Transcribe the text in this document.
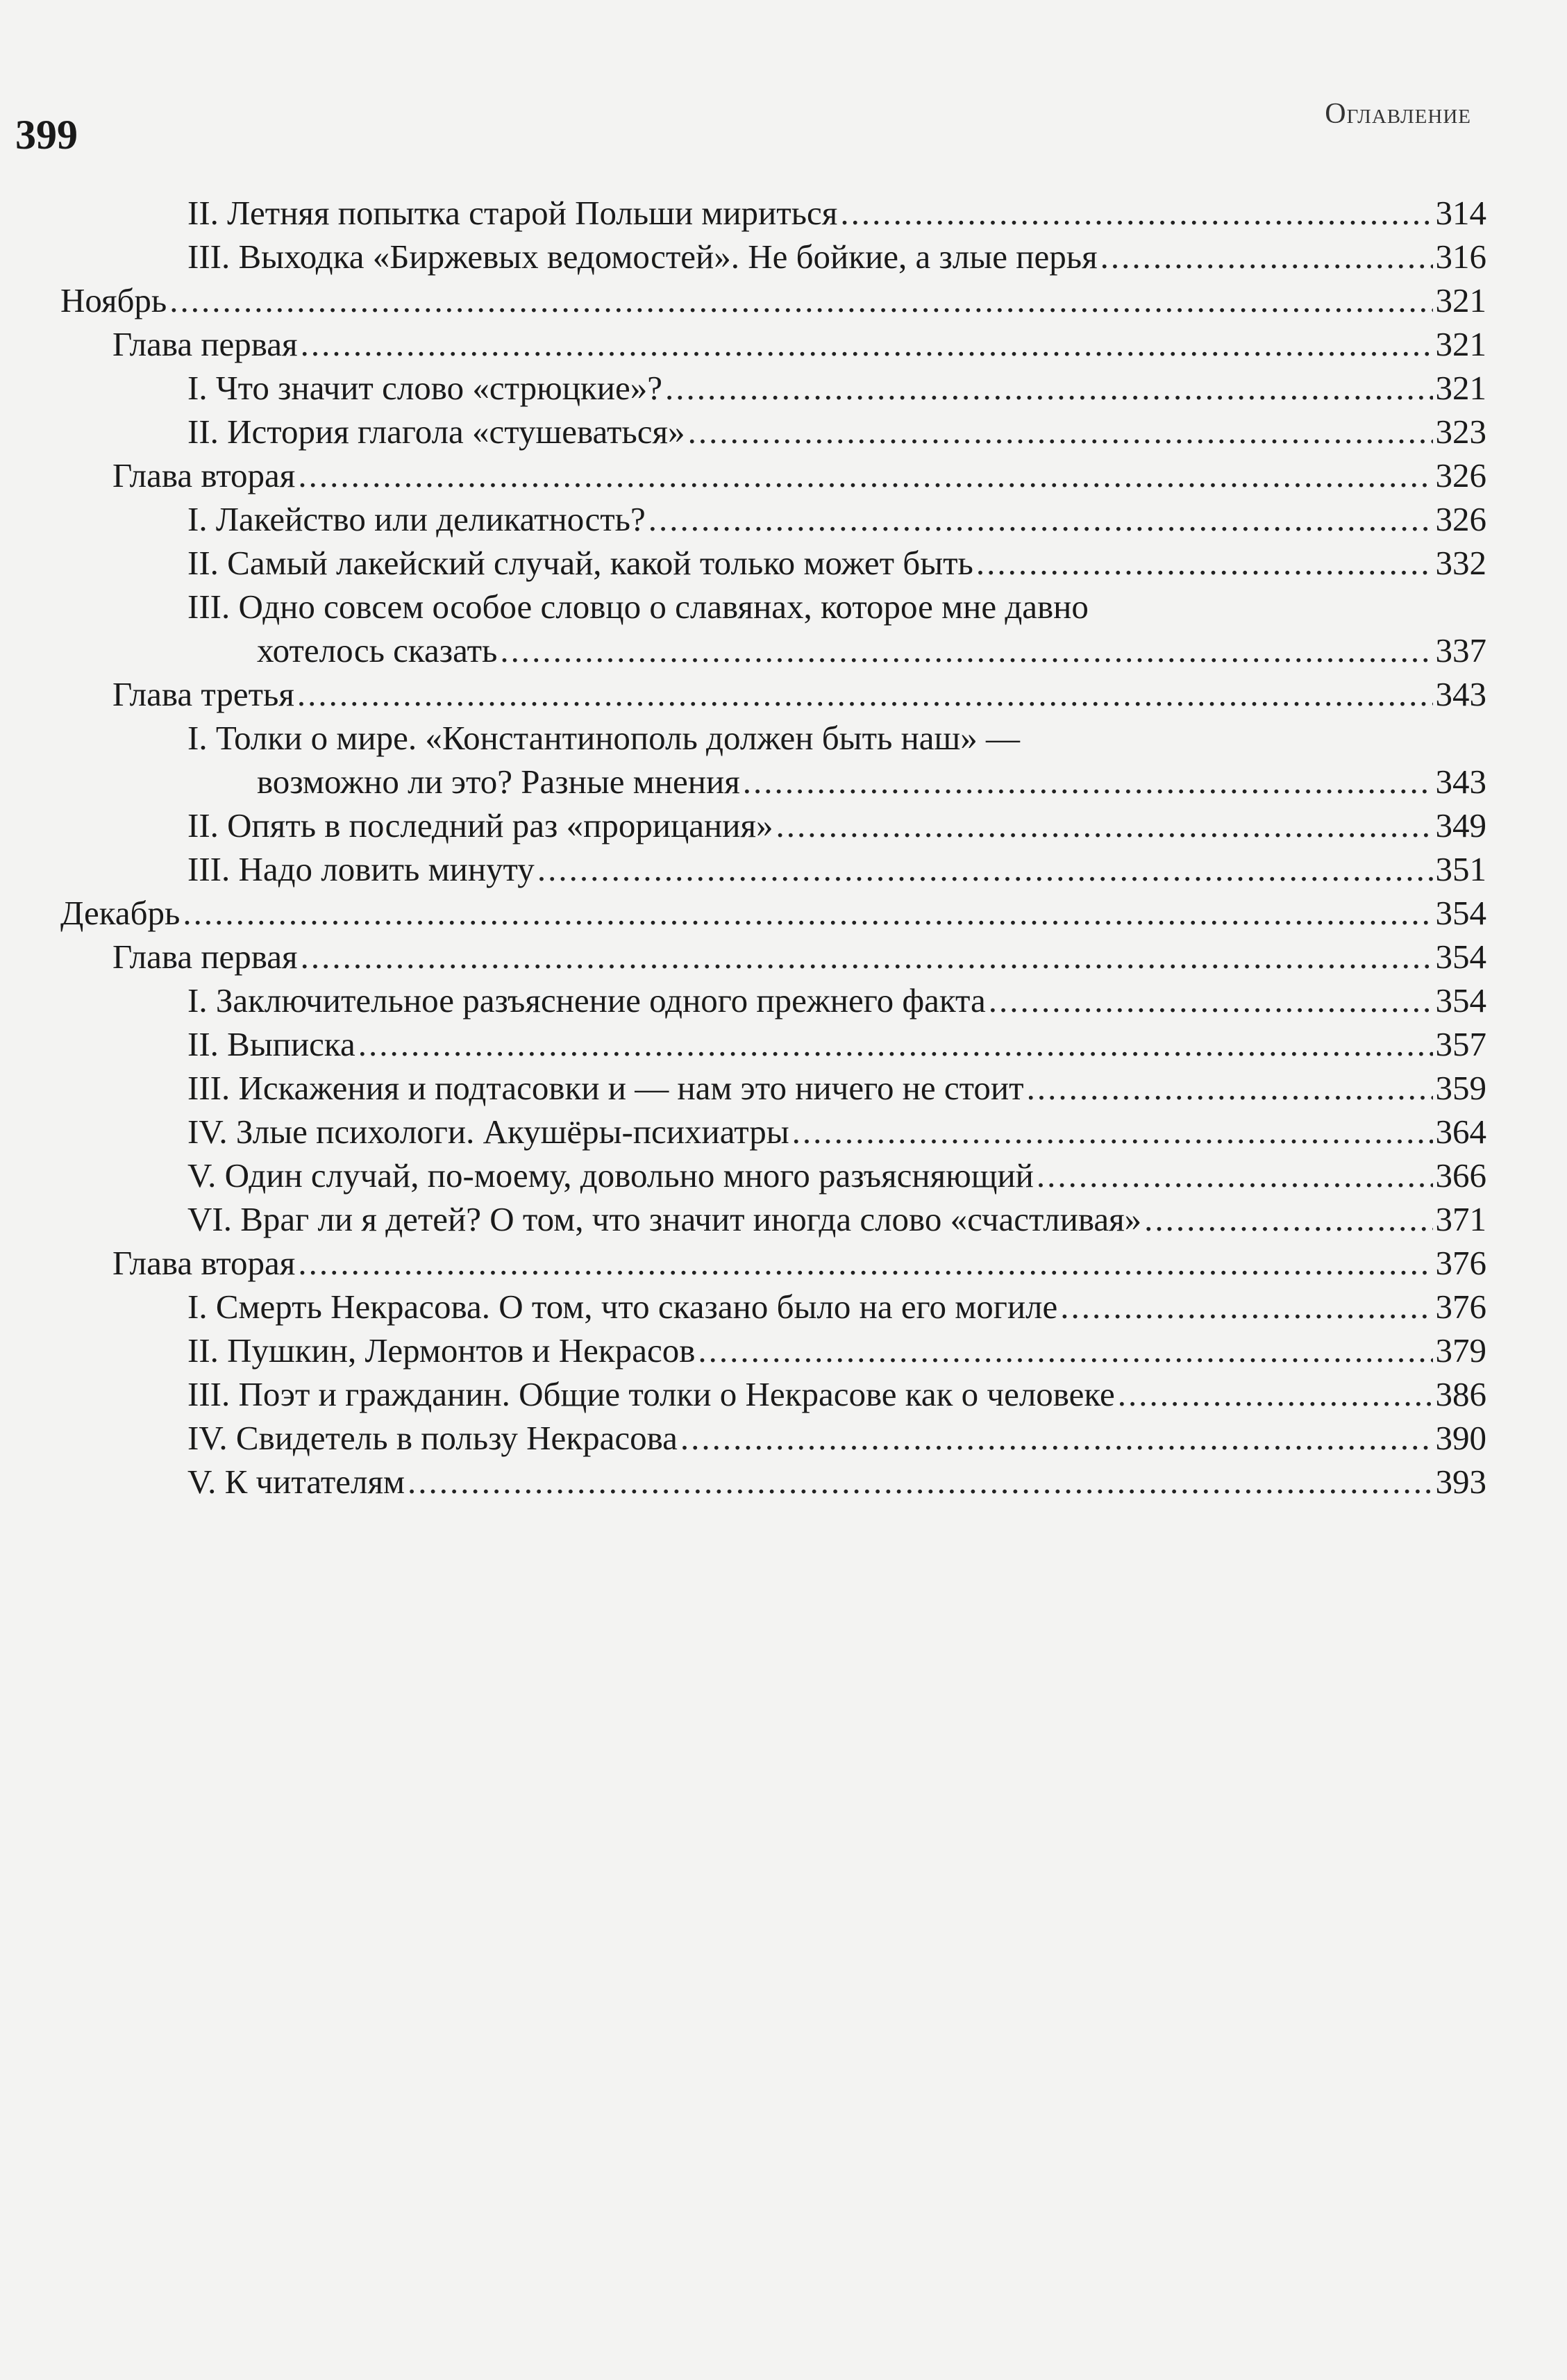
399	Оглавление
II. Летняя попытка старой Польши мириться .....	314
III. Выходка «Биржевых ведомостей». Не бойкие, а злые перья .....	316
Ноябрь .....	321
Глава первая .....	321
I. Что значит слово «стрюцкие»? .....	321
II. История глагола «стушеваться» .....	323
Глава вторая .....	326
I. Лакейство или деликатность? .....	326
II. Самый лакейский случай, какой только может быть .....	332
III. Одно совсем особое словцо о славянах, которое мне давно
хотелось сказать .....	337
Глава третья .....	343
I. Толки о мире. «Константинополь должен быть наш» —
возможно ли это? Разные мнения .....	343
II. Опять в последний раз «прорицания» .....	349
III. Надо ловить минуту .....	351
Декабрь .....	354
Глава первая .....	354
I. Заключительное разъяснение одного прежнего факта .....	354
II. Выписка .....	357
III. Искажения и подтасовки и — нам это ничего не стоит .....	359
IV. Злые психологи. Акушёры-психиатры .....	364
V. Один случай, по-моему, довольно много разъясняющий .....	366
VI. Враг ли я детей? О том, что значит иногда слово «счастливая» .....	371
Глава вторая .....	376
I. Смерть Некрасова. О том, что сказано было на его могиле .....	376
II. Пушкин, Лермонтов и Некрасов .....	379
III. Поэт и гражданин. Общие толки о Некрасове как о человеке .....	386
IV. Свидетель в пользу Некрасова .....	390
V. К читателям .....	393
